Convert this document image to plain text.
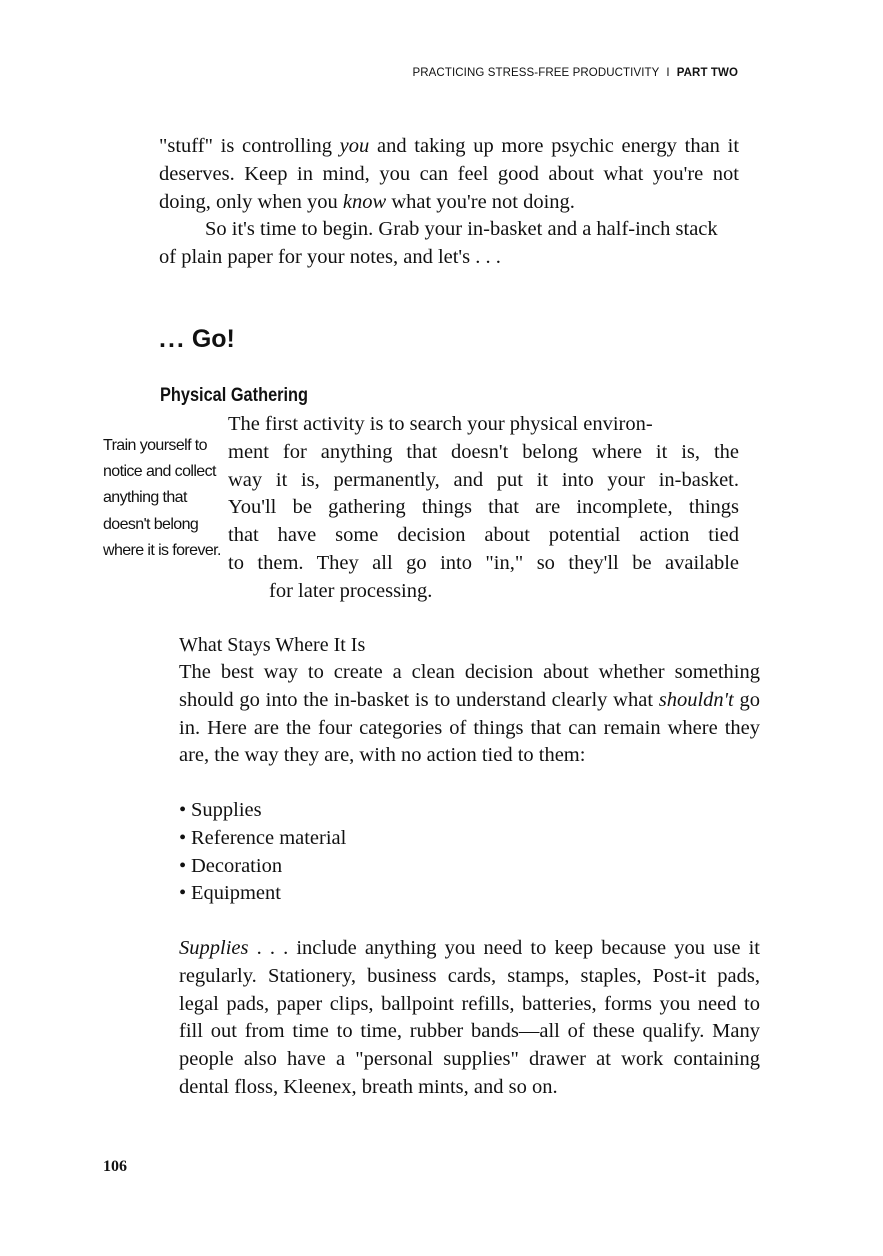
PRACTICING STRESS-FREE PRODUCTIVITY I PART TWO

"stuff" is controlling you and taking up more psychic energy than it deserves. Keep in mind, you can feel good about what you're not doing, only when you know what you're not doing.

So it's time to begin. Grab your in-basket and a half-inch stack of plain paper for your notes, and let's . . .

... Go!
Physical Gathering
Train yourself to
notice and collect
anything that
doesn't belong
where it is forever.

The first activity is to search your physical environ-
ment for anything that doesn't belong where it is, the
way it is, permanently, and put it into your in-basket.
You'll be gathering things that are incomplete, things
that have some decision about potential action tied
to them. They all go into "in," so they'll be available
for later processing.

What Stays Where It Is

The best way to create a clean decision about whether something should go into the in-basket is to understand clearly what shouldn't go in. Here are the four categories of things that can remain where they are, the way they are, with no action tied to them:

• Supplies
• Reference material
• Decoration
• Equipment

Supplies . . . include anything you need to keep because you use it regularly. Stationery, business cards, stamps, staples, Post-it pads, legal pads, paper clips, ballpoint refills, batteries, forms you need to fill out from time to time, rubber bands—all of these qualify. Many people also have a "personal supplies" drawer at work containing dental floss, Kleenex, breath mints, and so on.

106
